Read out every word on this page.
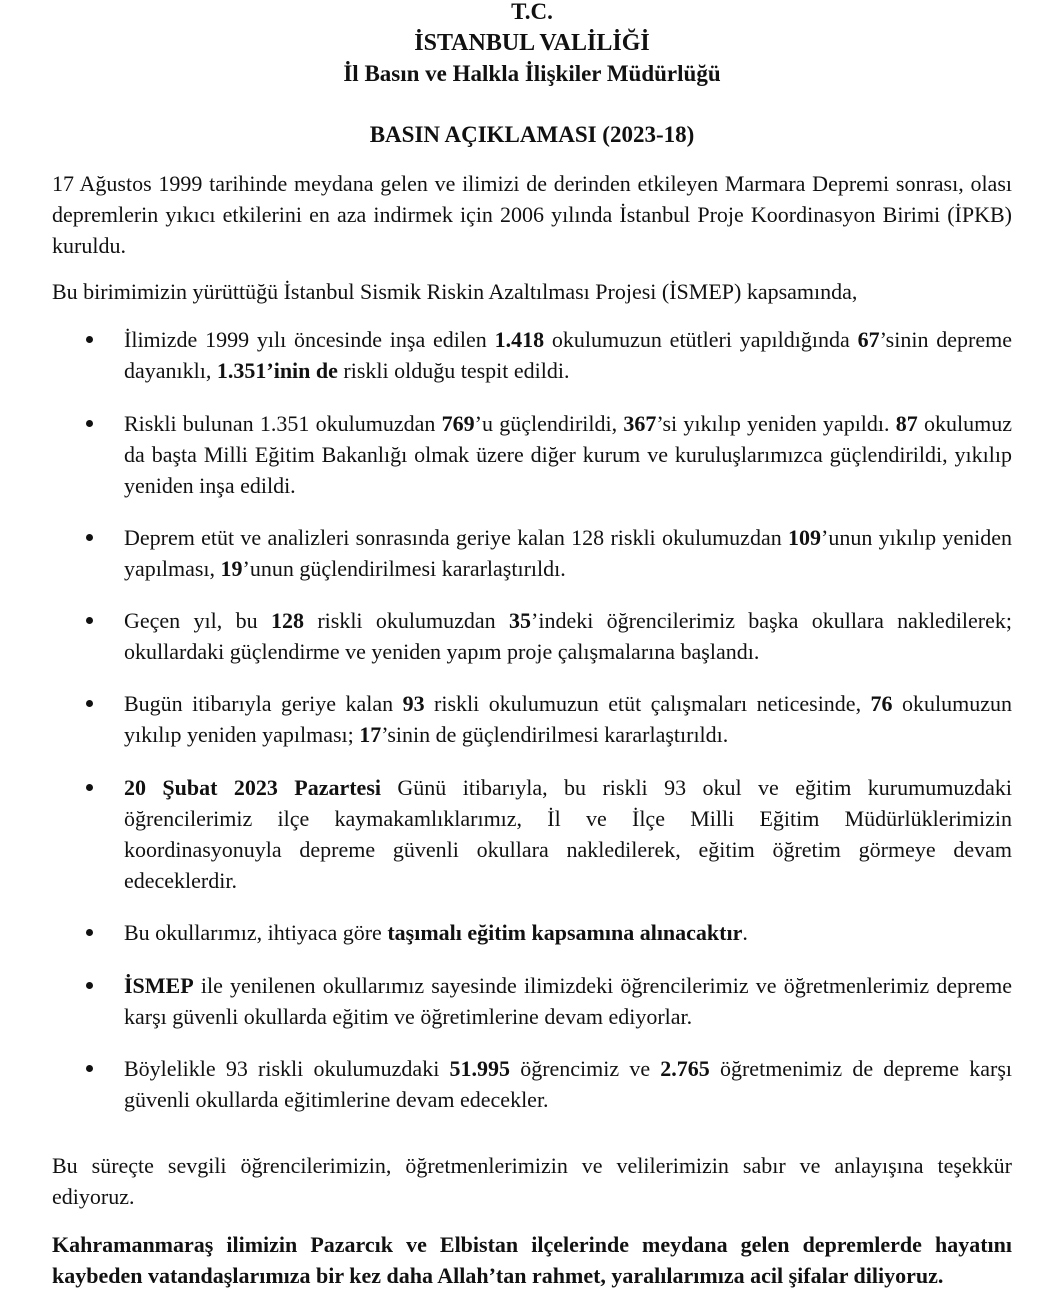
T.C.
İSTANBUL VALİLİĞİ
İl Basın ve Halkla İlişkiler Müdürlüğü
BASIN AÇIKLAMASI (2023-18)
17 Ağustos 1999 tarihinde meydana gelen ve ilimizi de derinden etkileyen Marmara Depremi sonrası, olası depremlerin yıkıcı etkilerini en aza indirmek için 2006 yılında İstanbul Proje Koordinasyon Birimi (İPKB) kuruldu.
Bu birimimizin yürüttüğü İstanbul Sismik Riskin Azaltılması Projesi (İSMEP) kapsamında,
İlimizde 1999 yılı öncesinde inşa edilen 1.418 okulumuzun etütleri yapıldığında 67’sinin depreme dayanıklı, 1.351’inin de riskli olduğu tespit edildi.
Riskli bulunan 1.351 okulumuzdan 769’u güçlendirildi, 367’si yıkılıp yeniden yapıldı. 87 okulumuz da başta Milli Eğitim Bakanlığı olmak üzere diğer kurum ve kuruluşlarımızca güçlendirildi, yıkılıp yeniden inşa edildi.
Deprem etüt ve analizleri sonrasında geriye kalan 128 riskli okulumuzdan 109’unun yıkılıp yeniden yapılması, 19’unun güçlendirilmesi kararlaştırıldı.
Geçen yıl, bu 128 riskli okulumuzdan 35’indeki öğrencilerimiz başka okullara nakledilerek; okullardaki güçlendirme ve yeniden yapım proje çalışmalarına başlandı.
Bugün itibarıyla geriye kalan 93 riskli okulumuzun etüt çalışmaları neticesinde, 76 okulumuzun yıkılıp yeniden yapılması; 17’sinin de güçlendirilmesi kararlaştırıldı.
20 Şubat 2023 Pazartesi Günü itibarıyla, bu riskli 93 okul ve eğitim kurumumuzdaki öğrencilerimiz ilçe kaymakamlıklarımız, İl ve İlçe Milli Eğitim Müdürlüklerimizin koordinasyonuyla depreme güvenli okullara nakledilerek, eğitim öğretim görmeye devam edeceklerdir.
Bu okullarımız, ihtiyaca göre taşımalı eğitim kapsamına alınacaktır.
İSMEP ile yenilenen okullarımız sayesinde ilimizdeki öğrencilerimiz ve öğretmenlerimiz depreme karşı güvenli okullarda eğitim ve öğretimlerine devam ediyorlar.
Böylelikle 93 riskli okulumuzdaki 51.995 öğrencimiz ve 2.765 öğretmenimiz de depreme karşı güvenli okullarda eğitimlerine devam edecekler.
Bu süreçte sevgili öğrencilerimizin, öğretmenlerimizin ve velilerimizin sabır ve anlayışına teşekkür ediyoruz.
Kahramanmaraş ilimizin Pazarcık ve Elbistan ilçelerinde meydana gelen depremlerde hayatını kaybeden vatandaşlarımıza bir kez daha Allah’tan rahmet, yaralılarımıza acil şifalar diliyoruz.
